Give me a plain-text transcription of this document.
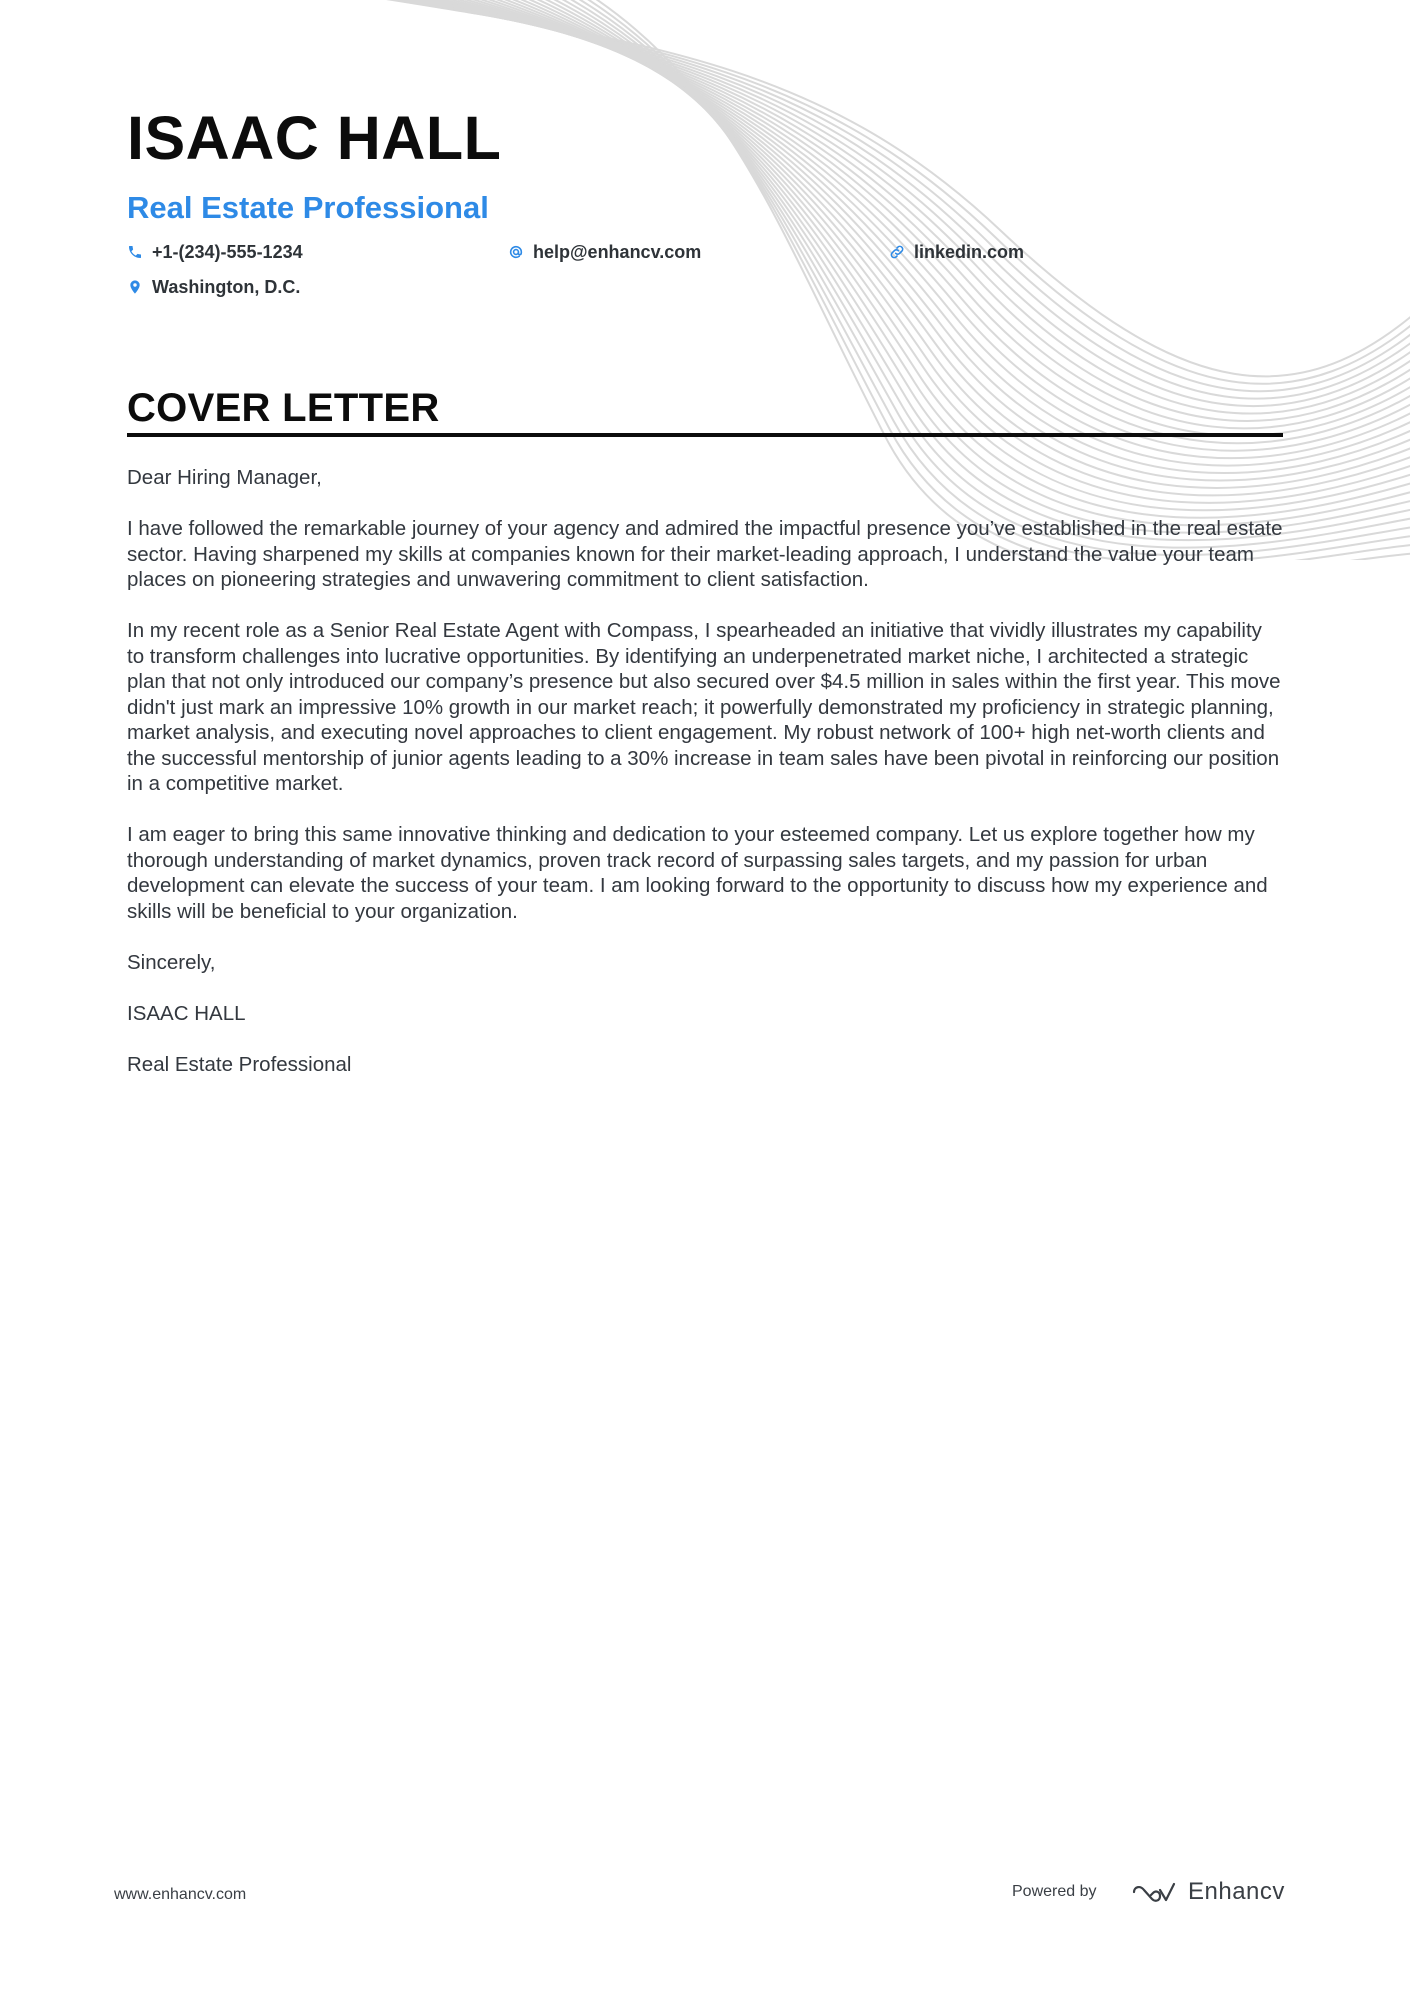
ISAAC HALL
Real Estate Professional
+1-(234)-555-1234	help@enhancv.com	linkedin.com
Washington, D.C.
COVER LETTER

Dear Hiring Manager,

I have followed the remarkable journey of your agency and admired the impactful presence you’ve established in the real estate sector. Having sharpened my skills at companies known for their market-leading approach, I understand the value your team places on pioneering strategies and unwavering commitment to client satisfaction.

In my recent role as a Senior Real Estate Agent with Compass, I spearheaded an initiative that vividly illustrates my capability to transform challenges into lucrative opportunities. By identifying an underpenetrated market niche, I architected a strategic plan that not only introduced our company’s presence but also secured over $4.5 million in sales within the first year. This move didn't just mark an impressive 10% growth in our market reach; it powerfully demonstrated my proficiency in strategic planning, market analysis, and executing novel approaches to client engagement. My robust network of 100+ high net-worth clients and the successful mentorship of junior agents leading to a 30% increase in team sales have been pivotal in reinforcing our position in a competitive market.

I am eager to bring this same innovative thinking and dedication to your esteemed company. Let us explore together how my thorough understanding of market dynamics, proven track record of surpassing sales targets, and my passion for urban development can elevate the success of your team. I am looking forward to the opportunity to discuss how my experience and skills will be beneficial to your organization.

Sincerely,

ISAAC HALL

Real Estate Professional

www.enhancv.com	Powered by	Enhancv
